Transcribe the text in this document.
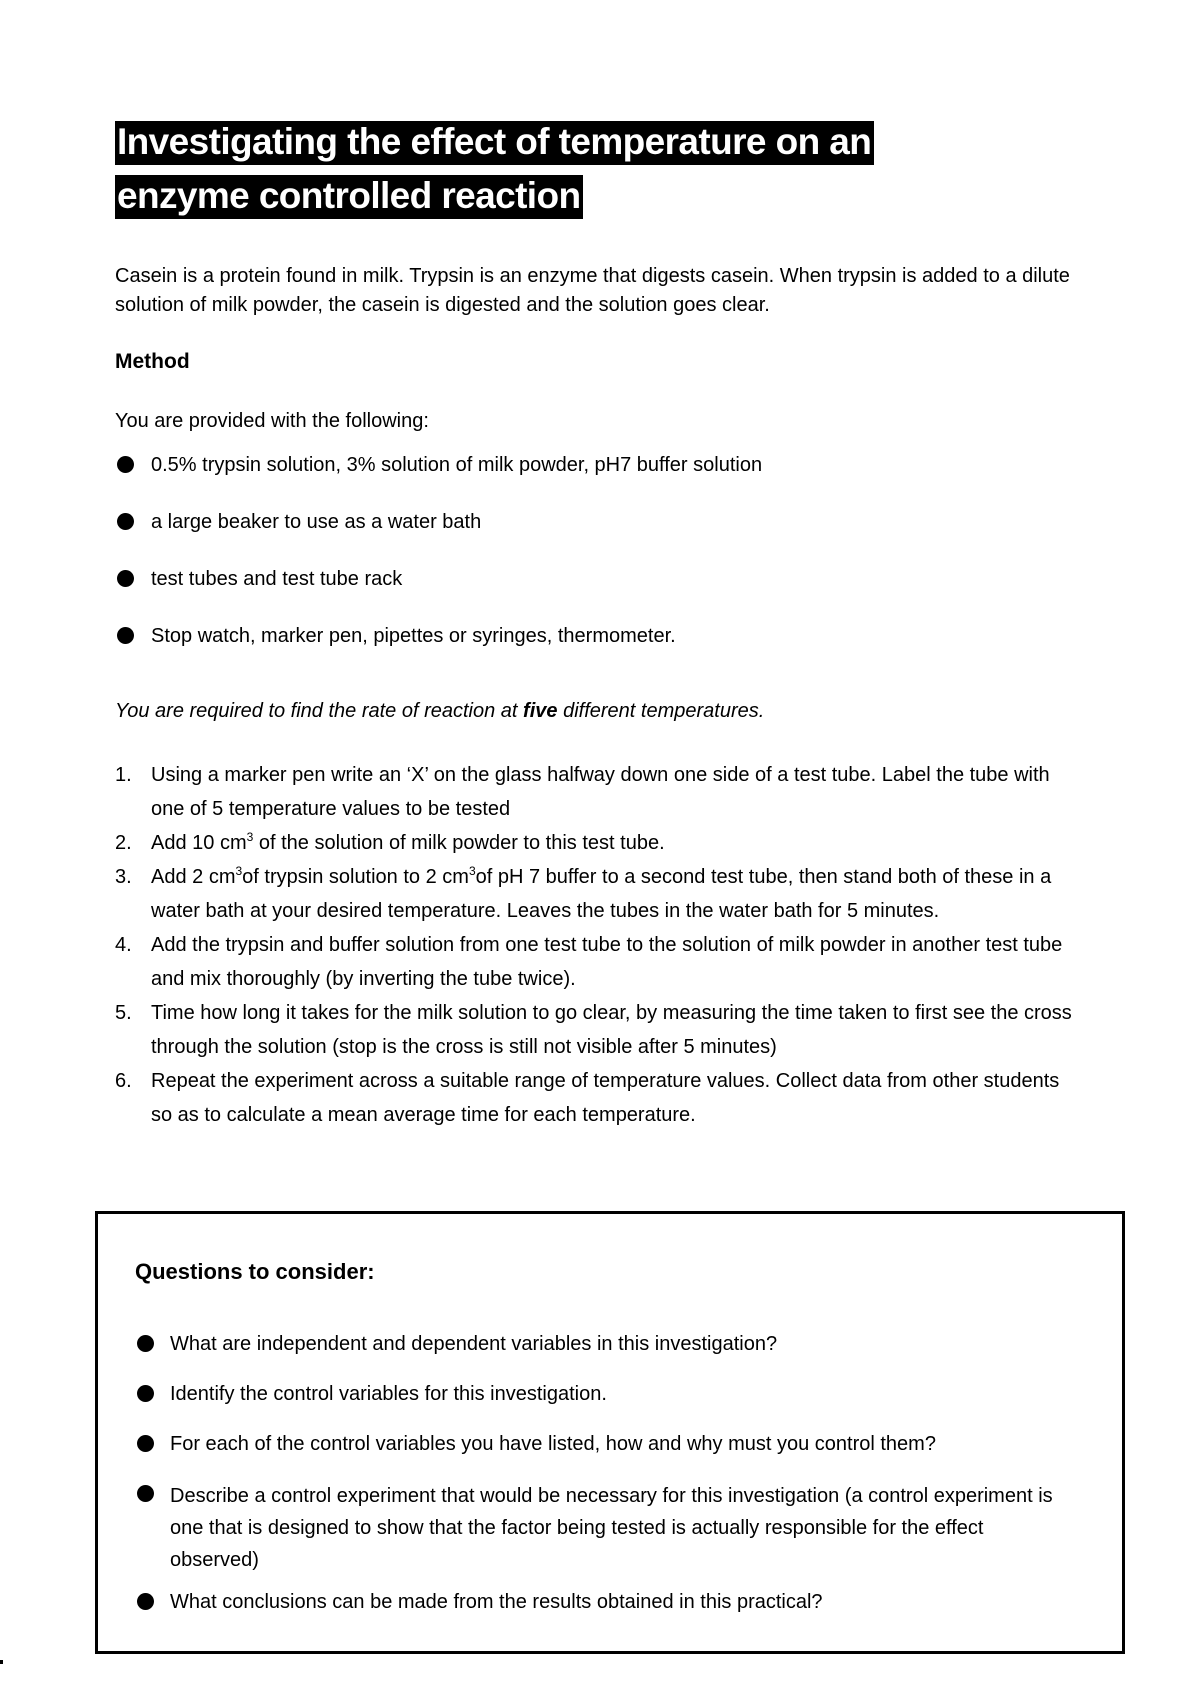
Investigating the effect of temperature on an
enzyme controlled reaction

Casein is a protein found in milk. Trypsin is an enzyme that digests casein. When trypsin is added to a dilute solution of milk powder, the casein is digested and the solution goes clear.

Method

You are provided with the following:

0.5% trypsin solution, 3% solution of milk powder, pH7 buffer solution
a large beaker to use as a water bath
test tubes and test tube rack
Stop watch, marker pen, pipettes or syringes, thermometer.

You are required to find the rate of reaction at five different temperatures.

1. Using a marker pen write an ‘X’ on the glass halfway down one side of a test tube. Label the tube with one of 5 temperature values to be tested
2. Add 10 $cm^3$ of the solution of milk powder to this test tube.
3. Add 2 $cm^3of$ trypsin solution to 2 $cm^3of$ pH 7 buffer to a second test tube, then stand both of these in a water bath at your desired temperature. Leaves the tubes in the water bath for 5 minutes.
4. Add the trypsin and buffer solution from one test tube to the solution of milk powder in another test tube and mix thoroughly (by inverting the tube twice).
5. Time how long it takes for the milk solution to go clear, by measuring the time taken to first see the cross through the solution (stop is the cross is still not visible after 5 minutes)
6. Repeat the experiment across a suitable range of temperature values. Collect data from other students so as to calculate a mean average time for each temperature.
Questions to consider:
What are independent and dependent variables in this investigation?
Identify the control variables for this investigation.
For each of the control variables you have listed, how and why must you control them?
Describe a control experiment that would be necessary for this investigation (a control experiment is one that is designed to show that the factor being tested is actually responsible for the effect observed)
What conclusions can be made from the results obtained in this practical?
